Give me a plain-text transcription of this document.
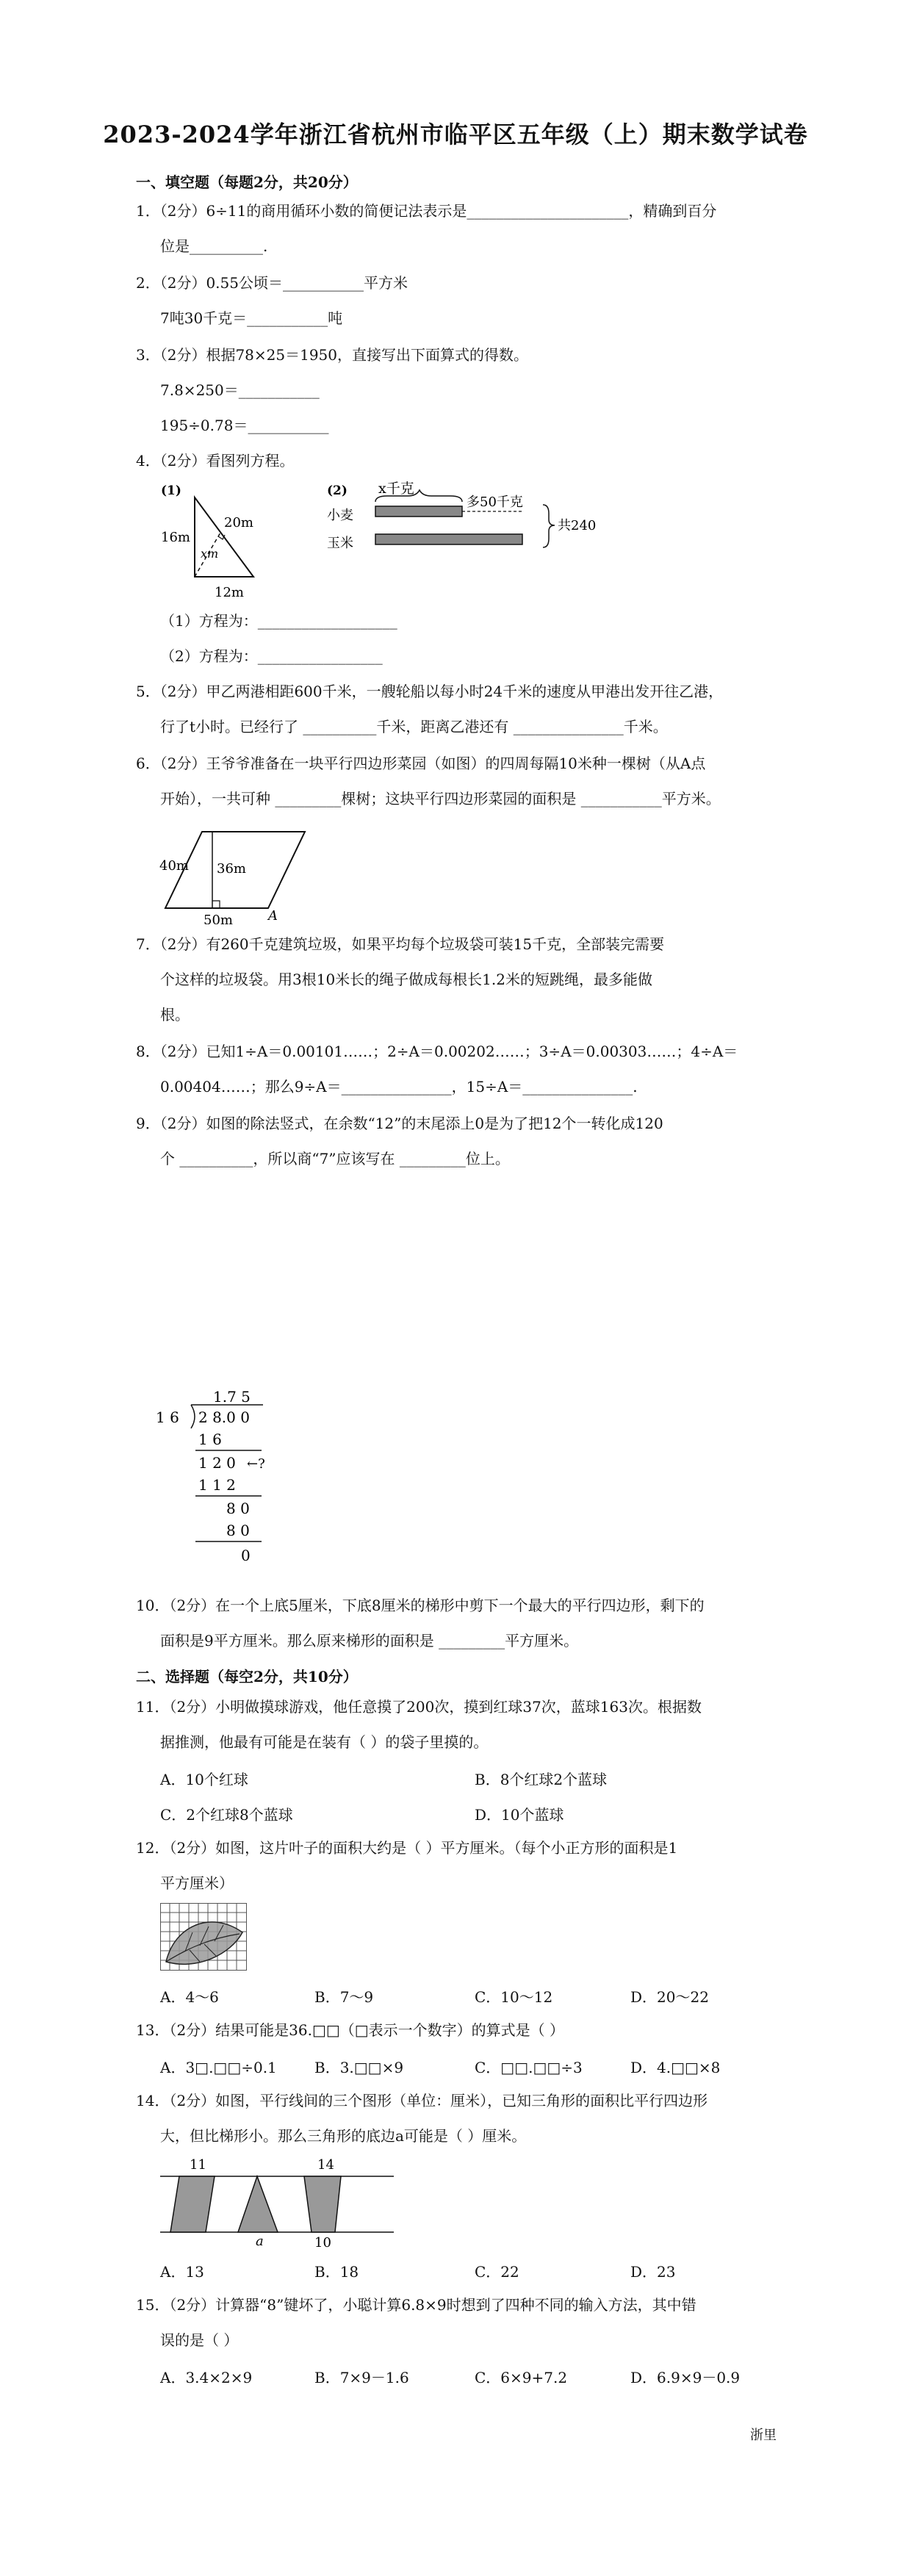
2023-2024学年浙江省杭州市临平区五年级（上）期末数学试卷
一、填空题（每题2分，共20分）
1．（2分）6÷11的商用循环小数的简便记法表示是______________________，精确到百分
位是__________.
2．（2分）0.55公顷＝___________平方米
7吨30千克＝___________吨
3．（2分）根据78×25＝1950，直接写出下面算式的得数。
7.8×250＝___________
195÷0.78＝___________
4．（2分）看图列方程。
(1)
16m
20m
xm
12m
(2) x千克
小麦
多50千克
玉米
共240
（1）方程为：___________________
（2）方程为：_________________
5．（2分）甲乙两港相距600千米，一艘轮船以每小时24千米的速度从甲港出发开往乙港，
行了t小时。已经行了 __________千米，距离乙港还有 _______________千米。
6．（2分）王爷爷准备在一块平行四边形菜园（如图）的四周每隔10米种一棵树（从A点
开始），一共可种 _________棵树；这块平行四边形菜园的面积是 ___________平方米。
40m 36m
50m	A
7．（2分）有260千克建筑垃圾，如果平均每个垃圾袋可装15千克，全部装完需要
个这样的垃圾袋。用3根10米长的绳子做成每根长1.2米的短跳绳，最多能做
根。
8．（2分）已知1÷A＝0.00101……；2÷A＝0.00202……；3÷A＝0.00303……；4÷A＝
0.00404……；那么9÷A＝_______________，15÷A＝_______________.
9．（2分）如图的除法竖式，在余数“12”的末尾添上0是为了把12个一转化成120
个 __________，所以商“7”应该写在 _________位上。
1.7 5
1 6 2 8.0 0
1 6
1 2 0 ←?
1 1 2
8 0
8 0
0
10．（2分）在一个上底5厘米，下底8厘米的梯形中剪下一个最大的平行四边形，剩下的
面积是9平方厘米。那么原来梯形的面积是 _________平方厘米。
二、选择题（每空2分，共10分）
11．（2分）小明做摸球游戏，他任意摸了200次，摸到红球37次，蓝球163次。根据数
据推测，他最有可能是在装有（ ）的袋子里摸的。
A．10个红球	B．8个红球2个蓝球
C．2个红球8个蓝球	D．10个蓝球
12．（2分）如图，这片叶子的面积大约是（ ）平方厘米。（每个小正方形的面积是1
平方厘米）
A．4～6	B．7～9	C．10～12	D．20～22
13．（2分）结果可能是36.□□（□表示一个数字）的算式是（ ）
A．3□.□□÷0.1	B．3.□□×9	C．□□.□□÷3	D．4.□□×8
14．（2分）如图，平行线间的三个图形（单位：厘米），已知三角形的面积比平行四边形
大，但比梯形小。那么三角形的底边a可能是（ ）厘米。
11	14
a	10
A．13	B．18	C．22	D．23
15．（2分）计算器“8”键坏了，小聪计算6.8×9时想到了四种不同的输入方法，其中错
误的是（ ）
A．3.4×2×9	B．7×9－1.6	C．6×9+7.2	D．6.9×9－0.9
浙里
